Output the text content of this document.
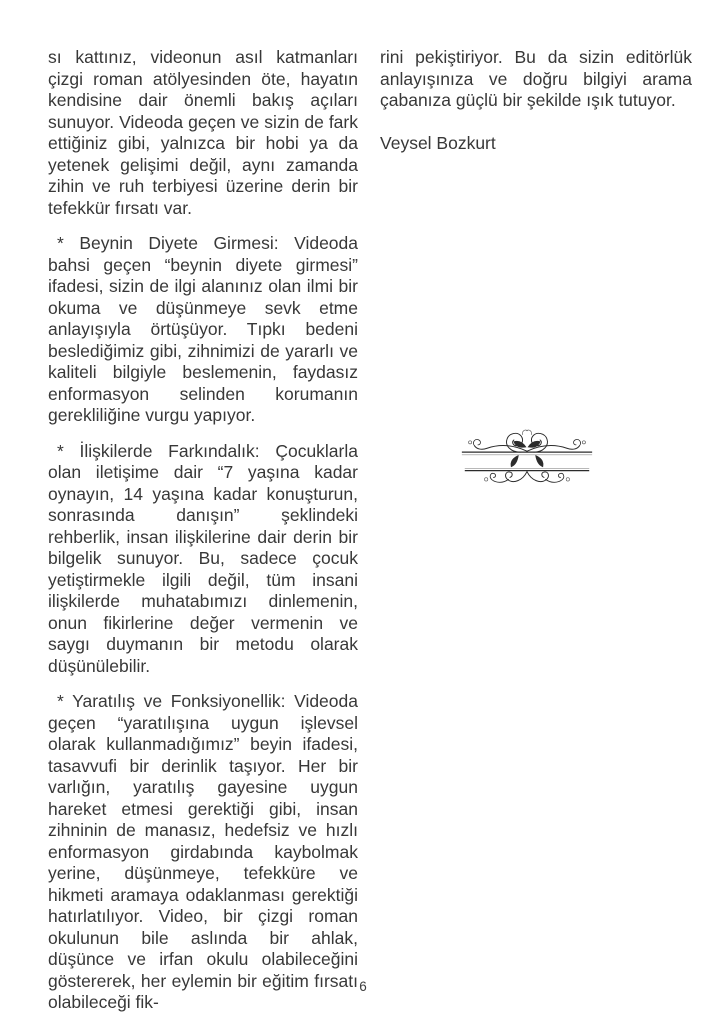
sı kattınız, videonun asıl katmanları çizgi roman atölyesinden öte, hayatın kendisine dair önemli bakış açıları sunuyor. Videoda geçen ve sizin de fark ettiğiniz gibi, yalnızca bir hobi ya da yetenek gelişimi değil, aynı zamanda zihin ve ruh terbiyesi üzerine derin bir tefekkür fırsatı var.

* Beynin Diyete Girmesi: Videoda bahsi geçen “beynin diyete girmesi” ifadesi, sizin de ilgi alanınız olan ilmi bir okuma ve düşünmeye sevk etme anlayışıyla örtüşüyor. Tıpkı bedeni beslediğimiz gibi, zihnimizi de yararlı ve kaliteli bilgiyle beslemenin, faydasız enformasyon selinden korumanın gerekliliğine vurgu yapıyor.

* İlişkilerde Farkındalık: Çocuklarla olan iletişime dair “7 yaşına kadar oynayın, 14 yaşına kadar konuşturun, sonrasında danışın” şeklindeki rehberlik, insan ilişkilerine dair derin bir bilgelik sunuyor. Bu, sadece çocuk yetiştirmekle ilgili değil, tüm insani ilişkilerde muhatabımızı dinlemenin, onun fikirlerine değer vermenin ve saygı duymanın bir metodu olarak düşünülebilir.

* Yaratılış ve Fonksiyonellik: Videoda geçen “yaratılışına uygun işlevsel olarak kullanmadığımız” beyin ifadesi, tasavvufi bir derinlik taşıyor. Her bir varlığın, yaratılış gayesine uygun hareket etmesi gerektiği gibi, insan zihninin de manasız, hedefsiz ve hızlı enformasyon girdabında kaybolmak yerine, düşünmeye, tefekküre ve hikmeti aramaya odaklanması gerektiği hatırlatılıyor. Video, bir çizgi roman okulunun bile aslında bir ahlak, düşünce ve irfan okulu olabileceğini göstererek, her eylemin bir eğitim fırsatı olabileceği fik-

rini pekiştiriyor. Bu da sizin editörlük anlayışınıza ve doğru bilgiyi arama çabanıza güçlü bir şekilde ışık tutuyor.

Veysel Bozkurt

6
